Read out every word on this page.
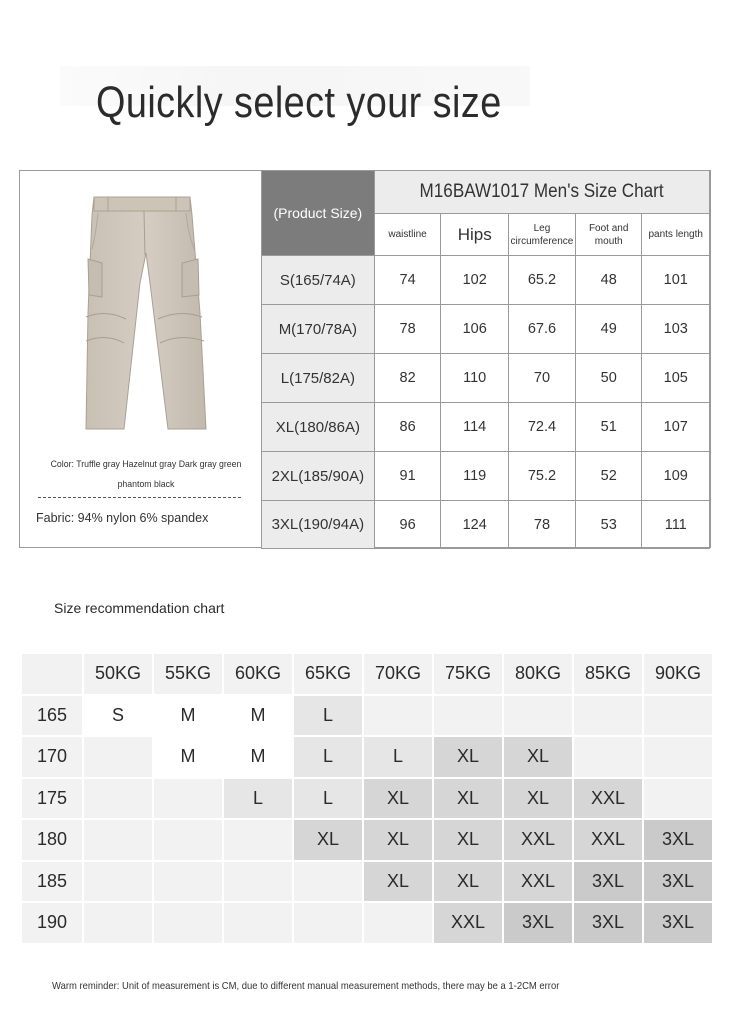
Quickly select your size
Color: Truffle gray Hazelnut gray Dark gray green
phantom black
Fabric: 94% nylon 6% spandex
(Product Size)	M16BAW1017 Men's Size Chart				
	waistline	Hips	Leg circumference	Foot and mouth	pants length
S(165/74A)	74	102	65.2	48	101
M(170/78A)	78	106	67.6	49	103
L(175/82A)	82	110	70	50	105
XL(180/86A)	86	114	72.4	51	107
2XL(185/90A)	91	119	75.2	52	109
3XL(190/94A)	96	124	78	53	111
Size recommendation chart
	50KG	55KG	60KG	65KG	70KG	75KG	80KG	85KG	90KG
165	S	M	M	L					
170		M	M	L	L	XL	XL		
175			L	L	XL	XL	XL	XXL	
180				XL	XL	XL	XXL	XXL	3XL
185					XL	XL	XXL	3XL	3XL
190						XXL	3XL	3XL	3XL
Warm reminder: Unit of measurement is CM, due to different manual measurement methods, there may be a 1-2CM error
